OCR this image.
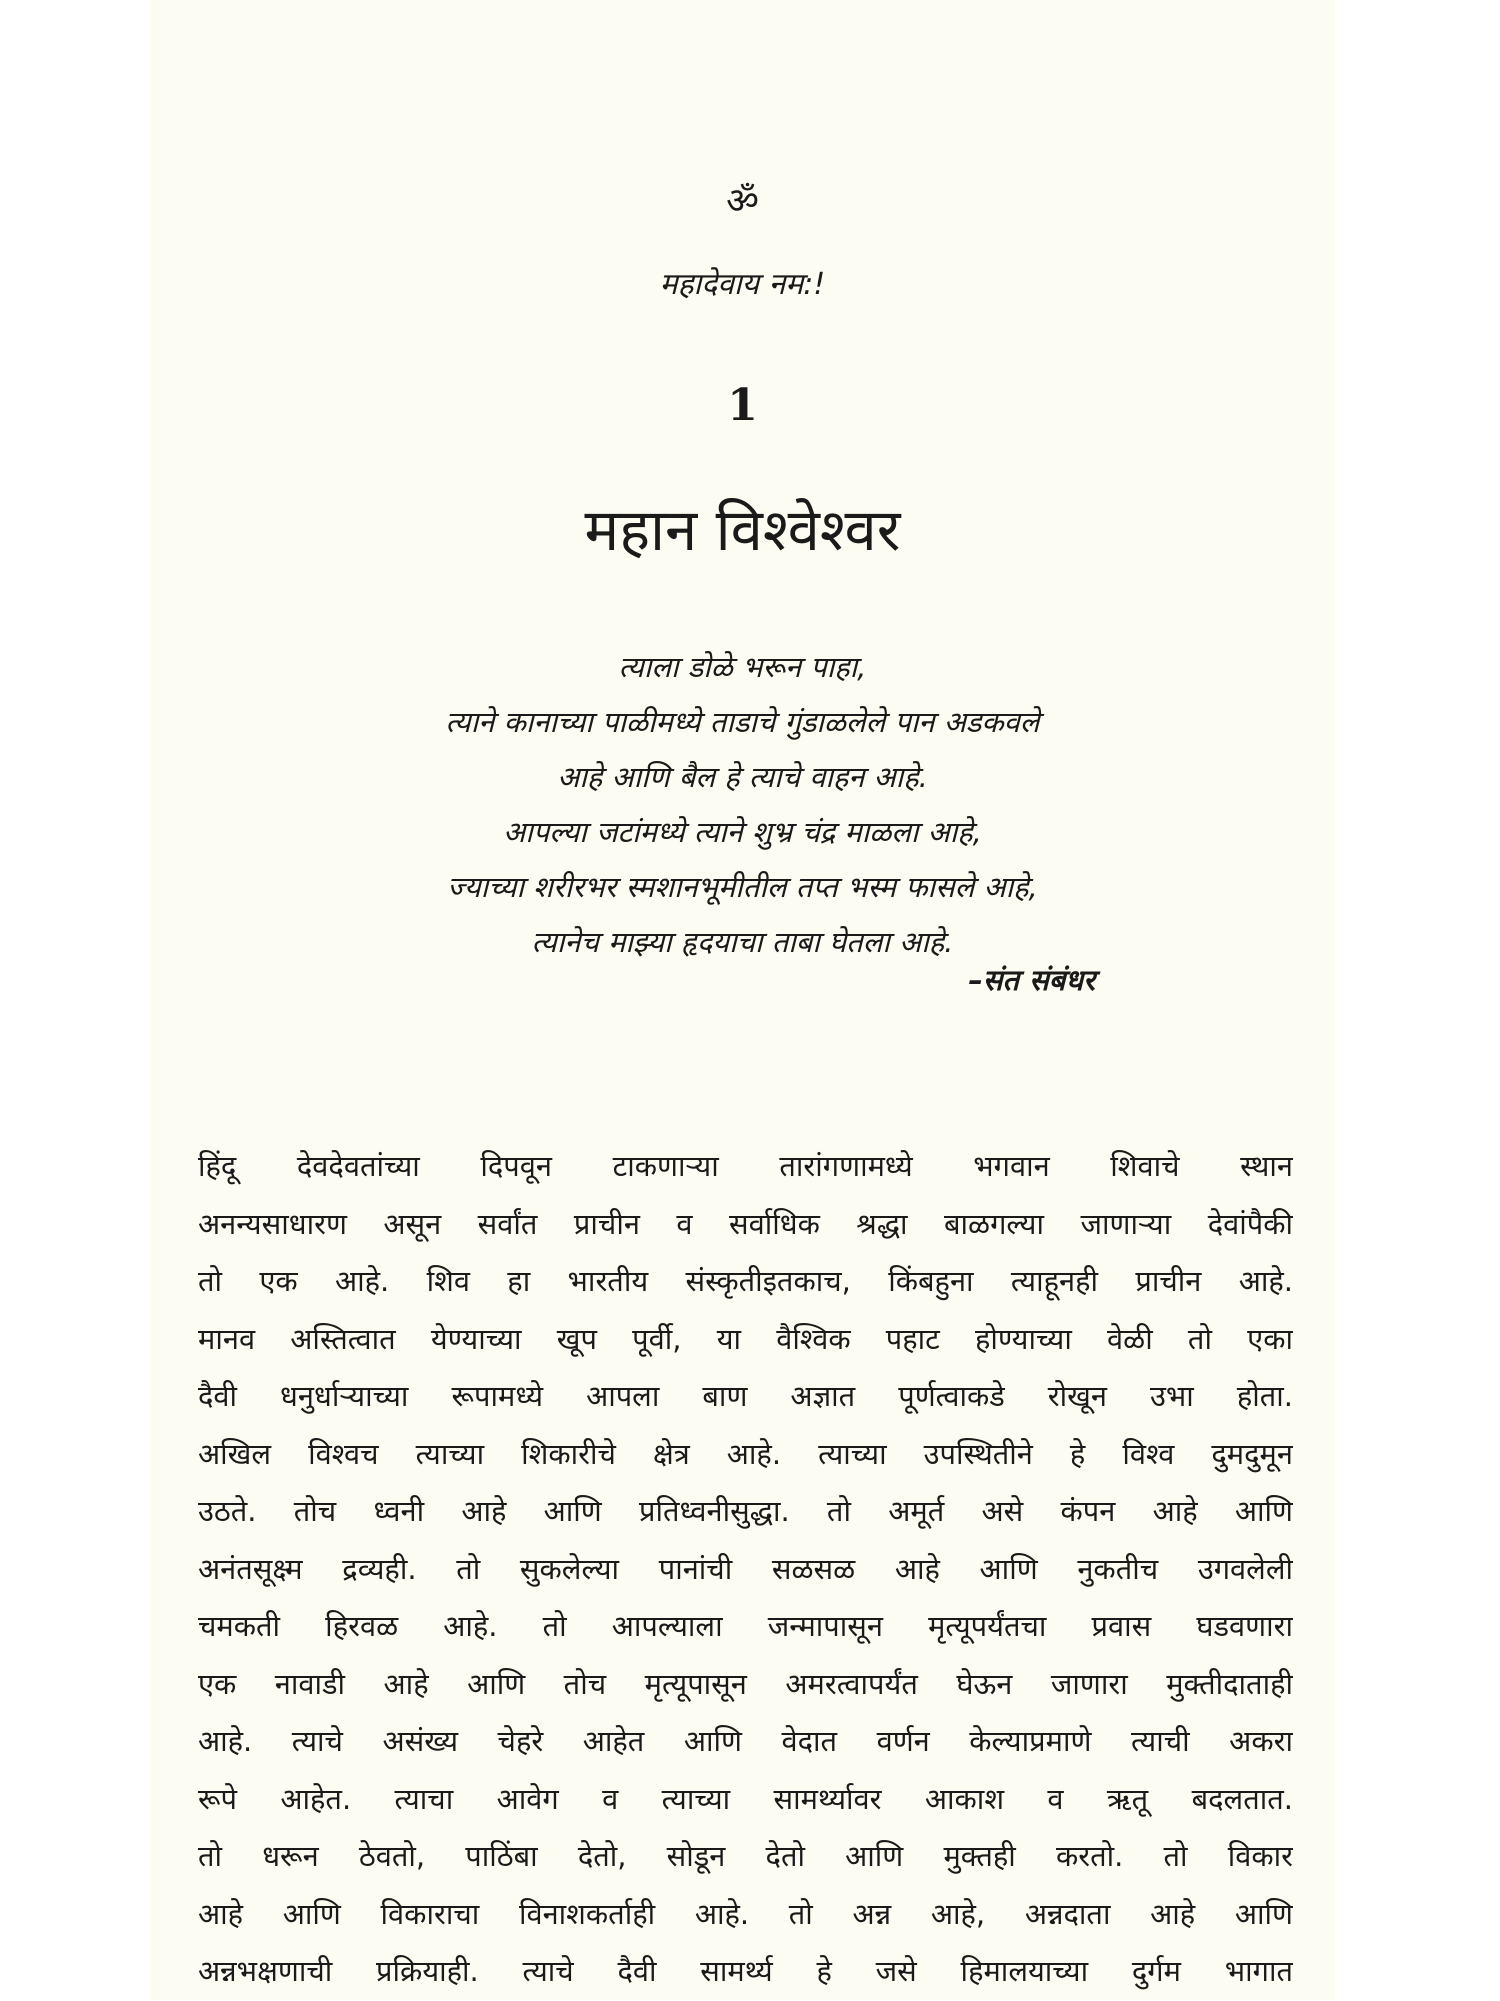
ॐ
महादेवाय नम:!
1
महान विश्वेश्वर
त्याला डोळे भरून पाहा,
त्याने कानाच्या पाळीमध्ये ताडाचे गुंडाळलेले पान अडकवले
आहे आणि बैल हे त्याचे वाहन आहे.
आपल्या जटांमध्ये त्याने शुभ्र चंद्र माळला आहे,
ज्याच्या शरीरभर स्मशानभूमीतील तप्त भस्म फासले आहे,
त्यानेच माझ्या हृदयाचा ताबा घेतला आहे.
–संत संबंधर
हिंदू देवदेवतांच्या दिपवून टाकणाऱ्या तारांगणामध्ये भगवान शिवाचे स्थान
अनन्यसाधारण असून सर्वांत प्राचीन व सर्वाधिक श्रद्धा बाळगल्या जाणाऱ्या देवांपैकी
तो एक आहे. शिव हा भारतीय संस्कृतीइतकाच, किंबहुना त्याहूनही प्राचीन आहे.
मानव अस्तित्वात येण्याच्या खूप पूर्वी, या वैश्विक पहाट होण्याच्या वेळी तो एका
दैवी धनुर्धाऱ्याच्या रूपामध्ये आपला बाण अज्ञात पूर्णत्वाकडे रोखून उभा होता.
अखिल विश्वच त्याच्या शिकारीचे क्षेत्र आहे. त्याच्या उपस्थितीने हे विश्व दुमदुमून
उठते. तोच ध्वनी आहे आणि प्रतिध्वनीसुद्धा. तो अमूर्त असे कंपन आहे आणि
अनंतसूक्ष्म द्रव्यही. तो सुकलेल्या पानांची सळसळ आहे आणि नुकतीच उगवलेली
चमकती हिरवळ आहे. तो आपल्याला जन्मापासून मृत्यूपर्यंतचा प्रवास घडवणारा
एक नावाडी आहे आणि तोच मृत्यूपासून अमरत्वापर्यंत घेऊन जाणारा मुक्तीदाताही
आहे. त्याचे असंख्य चेहरे आहेत आणि वेदात वर्णन केल्याप्रमाणे त्याची अकरा
रूपे आहेत. त्याचा आवेग व त्याच्या सामर्थ्यावर आकाश व ऋतू बदलतात.
तो धरून ठेवतो, पाठिंबा देतो, सोडून देतो आणि मुक्तही करतो. तो विकार
आहे आणि विकाराचा विनाशकर्ताही आहे. तो अन्न आहे, अन्नदाता आहे आणि
अन्नभक्षणाची प्रक्रियाही. त्याचे दैवी सामर्थ्य हे जसे हिमालयाच्या दुर्गम भागात
